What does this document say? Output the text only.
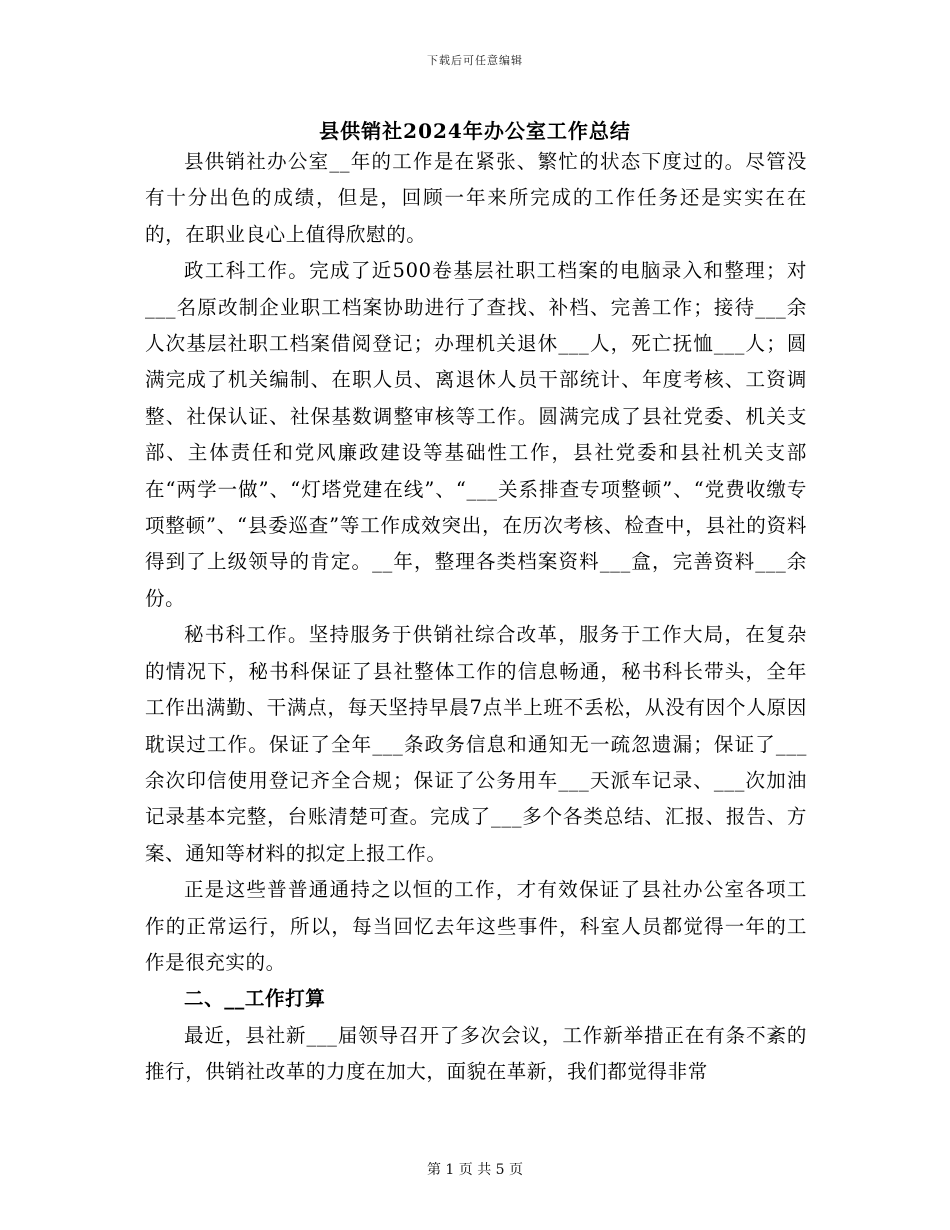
下载后可任意编辑
县供销社2024年办公室工作总结

县供销社办公室__年的工作是在紧张、繁忙的状态下度过的。尽管没有十分出色的成绩，但是，回顾一年来所完成的工作任务还是实实在在的，在职业良心上值得欣慰的。

政工科工作。完成了近500卷基层社职工档案的电脑录入和整理；对___名原改制企业职工档案协助进行了查找、补档、完善工作；接待___余人次基层社职工档案借阅登记；办理机关退休___人，死亡抚恤___人；圆满完成了机关编制、在职人员、离退休人员干部统计、年度考核、工资调整、社保认证、社保基数调整审核等工作。圆满完成了县社党委、机关支部、主体责任和党风廉政建设等基础性工作，县社党委和县社机关支部在“两学一做”、“灯塔党建在线”、“___关系排查专项整顿”、“党费收缴专项整顿”、“县委巡查”等工作成效突出，在历次考核、检查中，县社的资料得到了上级领导的肯定。__年，整理各类档案资料___盒，完善资料___余份。

秘书科工作。坚持服务于供销社综合改革，服务于工作大局，在复杂的情况下，秘书科保证了县社整体工作的信息畅通，秘书科长带头，全年工作出满勤、干满点，每天坚持早晨7点半上班不丢松，从没有因个人原因耽误过工作。保证了全年___条政务信息和通知无一疏忽遗漏；保证了___余次印信使用登记齐全合规；保证了公务用车___天派车记录、___次加油记录基本完整，台账清楚可查。完成了___多个各类总结、汇报、报告、方案、通知等材料的拟定上报工作。

正是这些普普通通持之以恒的工作，才有效保证了县社办公室各项工作的正常运行，所以，每当回忆去年这些事件，科室人员都觉得一年的工作是很充实的。

二、__工作打算

最近，县社新___届领导召开了多次会议，工作新举措正在有条不紊的推行，供销社改革的力度在加大，面貌在革新，我们都觉得非常

第 1 页 共 5 页
